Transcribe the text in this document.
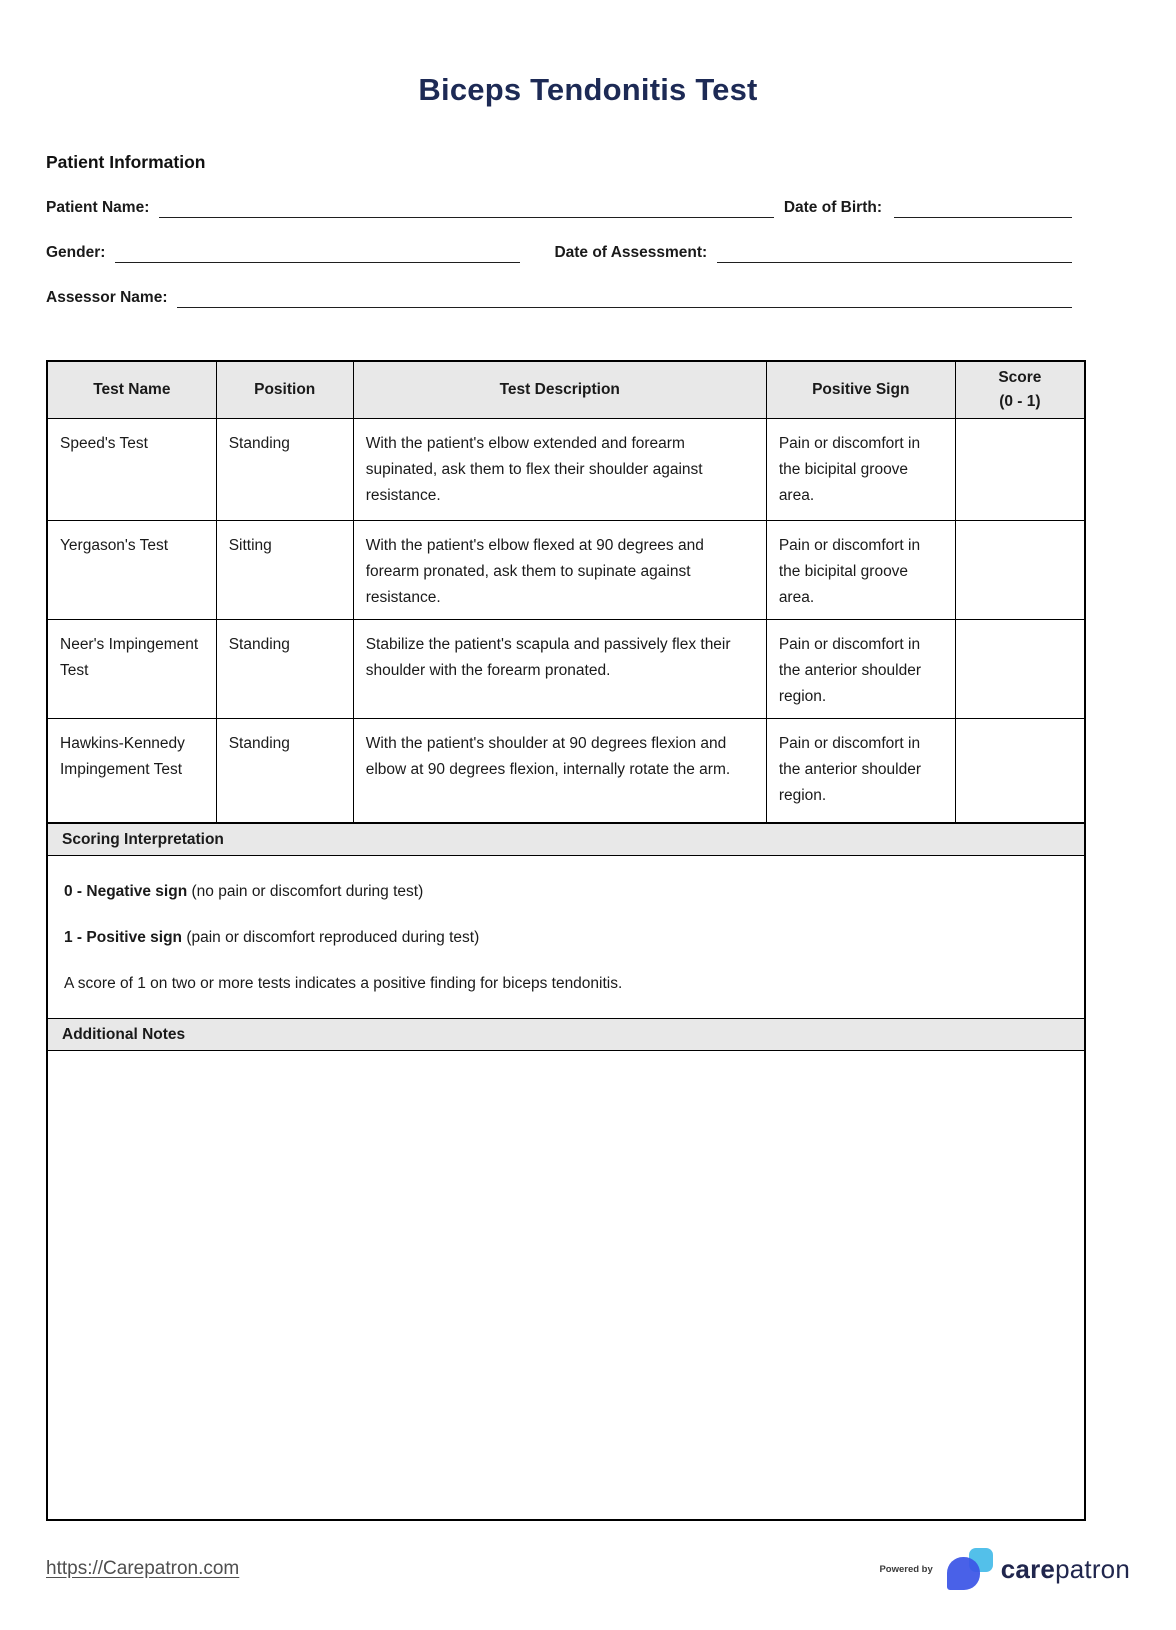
Biceps Tendonitis Test
Patient Information
Patient Name:	Date of Birth:
Gender:	Date of Assessment:
Assessor Name:
Test Name	Position	Test Description	Positive Sign	Score
(0 - 1)
Speed's Test	Standing	With the patient's elbow extended and forearm supinated, ask them to flex their shoulder against resistance.	Pain or discomfort in the bicipital groove area.	
Yergason's Test	Sitting	With the patient's elbow flexed at 90 degrees and forearm pronated, ask them to supinate against resistance.	Pain or discomfort in the bicipital groove area.	
Neer's Impingement Test	Standing	Stabilize the patient's scapula and passively flex their shoulder with the forearm pronated.	Pain or discomfort in the anterior shoulder region.	
Hawkins-Kennedy Impingement Test	Standing	With the patient's shoulder at 90 degrees flexion and elbow at 90 degrees flexion, internally rotate the arm.	Pain or discomfort in the anterior shoulder region.	
Scoring Interpretation

0 - Negative sign (no pain or discomfort during test)

1 - Positive sign (pain or discomfort reproduced during test)

A score of 1 on two or more tests indicates a positive finding for biceps tendonitis.

Additional Notes
https://Carepatron.com	Powered by	carepatron
